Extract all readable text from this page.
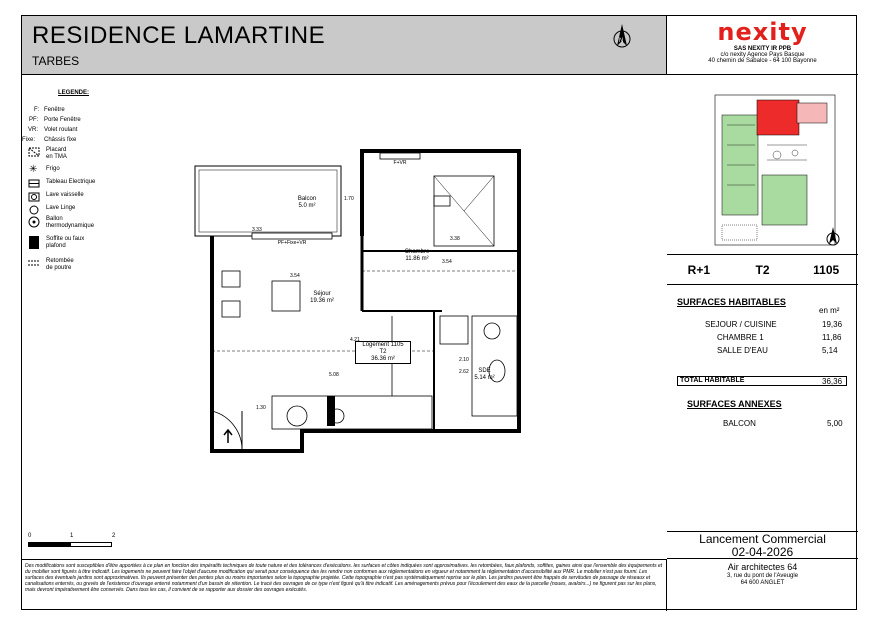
RESIDENCE LAMARTINE
TARBES
N
LEGENDE:
F: Fenêtre
PF: Porte Fenêtre
VR: Volet roulant
Fixe: Châssis fixe
Placard
en TMA
✳ Frigo
Tableau Electrique
Lave vaisselle
Lave Linge
Ballon
thermodynamique
Soffite ou faux
plafond
Retombée
de poutre
Balcon
5.0 m²
Chambre
11.86 m²
Séjour
19.36 m²
SDE
5.14 m²
Logement 1105
T2
36.36 m²
PF+Fixe+VR
F+VR
3.33
1.70
3.38
3.54
3.54
4.21
5.08
2.10
2.62
1.30
0	1	2
Des modifications sont susceptibles d'être apportées à ce plan en fonction des impératifs techniques de toute nature et des tolérances d'exécutions. les surfaces et côtes indiquées sont approximatives. les retombées, faux plafonds, soffites, gaines ainsi que l'ensemble des équipements et du mobilier sont figurés à titre indicatif. Les logements ne peuvent faire l'objet d'aucune modification qui serait pour conséquence des les rendre non conformes aux réglementations en vigueur et notamment la réglementation d'accessibilité aux PMR. Le mobilier n'est pas fourni. Les surfaces des éventuels jardins sont approximatives. Ils peuvent présenter des pentes plus ou moins importantes selon la topographie projetée. Cette topographie n'est pas systématiquement reprise sur le plan. Les jardins peuvent être frappés de servitudes de passage de réseaux et canalisations enterrés, ou grevés de l'existence d'ouvrage enterré notamment d'un bassin de rétention. Le tracé des ouvrages de ce type n'est figuré qu'à titre indicatif. Les aménagements prévus pour l'écoulement des eaux de la parcelle (noues, avaloirs...) ne figurent pas sur les plans, mais devront impérativement être conservés. Dans tous les cas, il convient de se rapporter aux dossier des ouvrages exécutés.
nexity
SAS NEXITY IR PPB
c/o nexity Agence Pays Basque
40 chemin de Sabalce - 64 100 Bayonne
R+1	T2	1105
SURFACES HABITABLES
en m²
SEJOUR / CUISINE	19,36
CHAMBRE 1	11,86
SALLE D'EAU	5,14
TOTAL HABITABLE	36,36
SURFACES ANNEXES
BALCON	5,00
Lancement Commercial
02-04-2026
Air architectes 64
3, rue du pont de l'Aveugle
64 600 ANGLET
